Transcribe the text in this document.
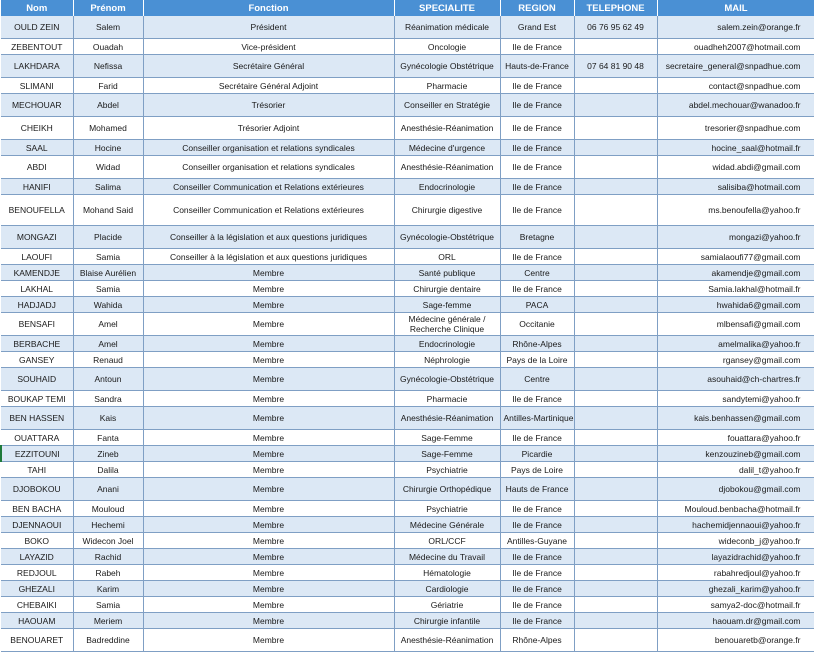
Nom	Prénom	Fonction	SPECIALITE	REGION	TELEPHONE	MAIL
OULD ZEIN	Salem	Président	Réanimation médicale	Grand Est	06 76 95 62 49	salem.zein@orange.fr
ZEBENTOUT	Ouadah	Vice-président	Oncologie	Ile de France		ouadheh2007@hotmail.com
LAKHDARA	Nefissa	Secrétaire Général	Gynécologie Obstétrique	Hauts-de-France	07 64 81 90 48	secretaire_general@snpadhue.com
SLIMANI	Farid	Secrétaire Général Adjoint	Pharmacie	Ile de France		contact@snpadhue.com
MECHOUAR	Abdel	Trésorier	Conseiller en Stratégie	Ile de France		abdel.mechouar@wanadoo.fr
CHEIKH	Mohamed	Trésorier Adjoint	Anesthésie-Réanimation	Ile de France		tresorier@snpadhue.com
SAAL	Hocine	Conseiller organisation et relations syndicales	Médecine d'urgence	Ile de France		hocine_saal@hotmail.fr
ABDI	Widad	Conseiller organisation et relations syndicales	Anesthésie-Réanimation	Ile de France		widad.abdi@gmail.com
HANIFI	Salima	Conseiller Communication et Relations extérieures	Endocrinologie	Ile de France		salisiba@hotmail.com
BENOUFELLA	Mohand Said	Conseiller Communication et Relations extérieures	Chirurgie digestive	Ile de France		ms.benoufella@yahoo.fr
MONGAZI	Placide	Conseiller à la législation et aux questions juridiques	Gynécologie-Obstétrique	Bretagne		mongazi@yahoo.fr
LAOUFI	Samia	Conseiller à la législation et aux questions juridiques	ORL	Ile de France		samialaoufi77@gmail.com
KAMENDJE	Blaise Aurélien	Membre	Santé publique	Centre		akamendje@gmail.com
LAKHAL	Samia	Membre	Chirurgie dentaire	Ile de France		Samia.lakhal@hotmail.fr
HADJADJ	Wahida	Membre	Sage-femme	PACA		hwahida6@gmail.com
BENSAFI	Amel	Membre	Médecine générale / Recherche Clinique	Occitanie		mlbensafi@gmail.com
BERBACHE	Amel	Membre	Endocrinologie	Rhône-Alpes		amelmalika@yahoo.fr
GANSEY	Renaud	Membre	Néphrologie	Pays de la Loire		rgansey@gmail.com
SOUHAID	Antoun	Membre	Gynécologie-Obstétrique	Centre		asouhaid@ch-chartres.fr
BOUKAP TEMI	Sandra	Membre	Pharmacie	Ile de France		sandytemi@yahoo.fr
BEN HASSEN	Kais	Membre	Anesthésie-Réanimation	Antilles-Martinique		kais.benhassen@gmail.com
OUATTARA	Fanta	Membre	Sage-Femme	Ile de France		fouattara@yahoo.fr
EZZITOUNI	Zineb	Membre	Sage-Femme	Picardie		kenzouzineb@gmail.com
TAHI	Dalila	Membre	Psychiatrie	Pays de Loire		dalil_t@yahoo.fr
DJOBOKOU	Anani	Membre	Chirurgie Orthopédique	Hauts de France		djobokou@gmail.com
BEN BACHA	Mouloud	Membre	Psychiatrie	Ile de France		Mouloud.benbacha@hotmail.fr
DJENNAOUI	Hechemi	Membre	Médecine Générale	Ile de France		hachemidjennaoui@yahoo.fr
BOKO	Widecon Joel	Membre	ORL/CCF	Antilles-Guyane		wideconb_j@yahoo.fr
LAYAZID	Rachid	Membre	Médecine du Travail	Ile de France		layazidrachid@yahoo.fr
REDJOUL	Rabeh	Membre	Hématologie	Ile de France		rabahredjoul@yahoo.fr
GHEZALI	Karim	Membre	Cardiologie	Ile de France		ghezali_karim@yahoo.fr
CHEBAIKI	Samia	Membre	Gériatrie	Ile de France		samya2-doc@hotmail.fr
HAOUAM	Meriem	Membre	Chirurgie infantile	Ile de France		haouam.dr@gmail.com
BENOUARET	Badreddine	Membre	Anesthésie-Réanimation	Rhône-Alpes		benouaretb@orange.fr
